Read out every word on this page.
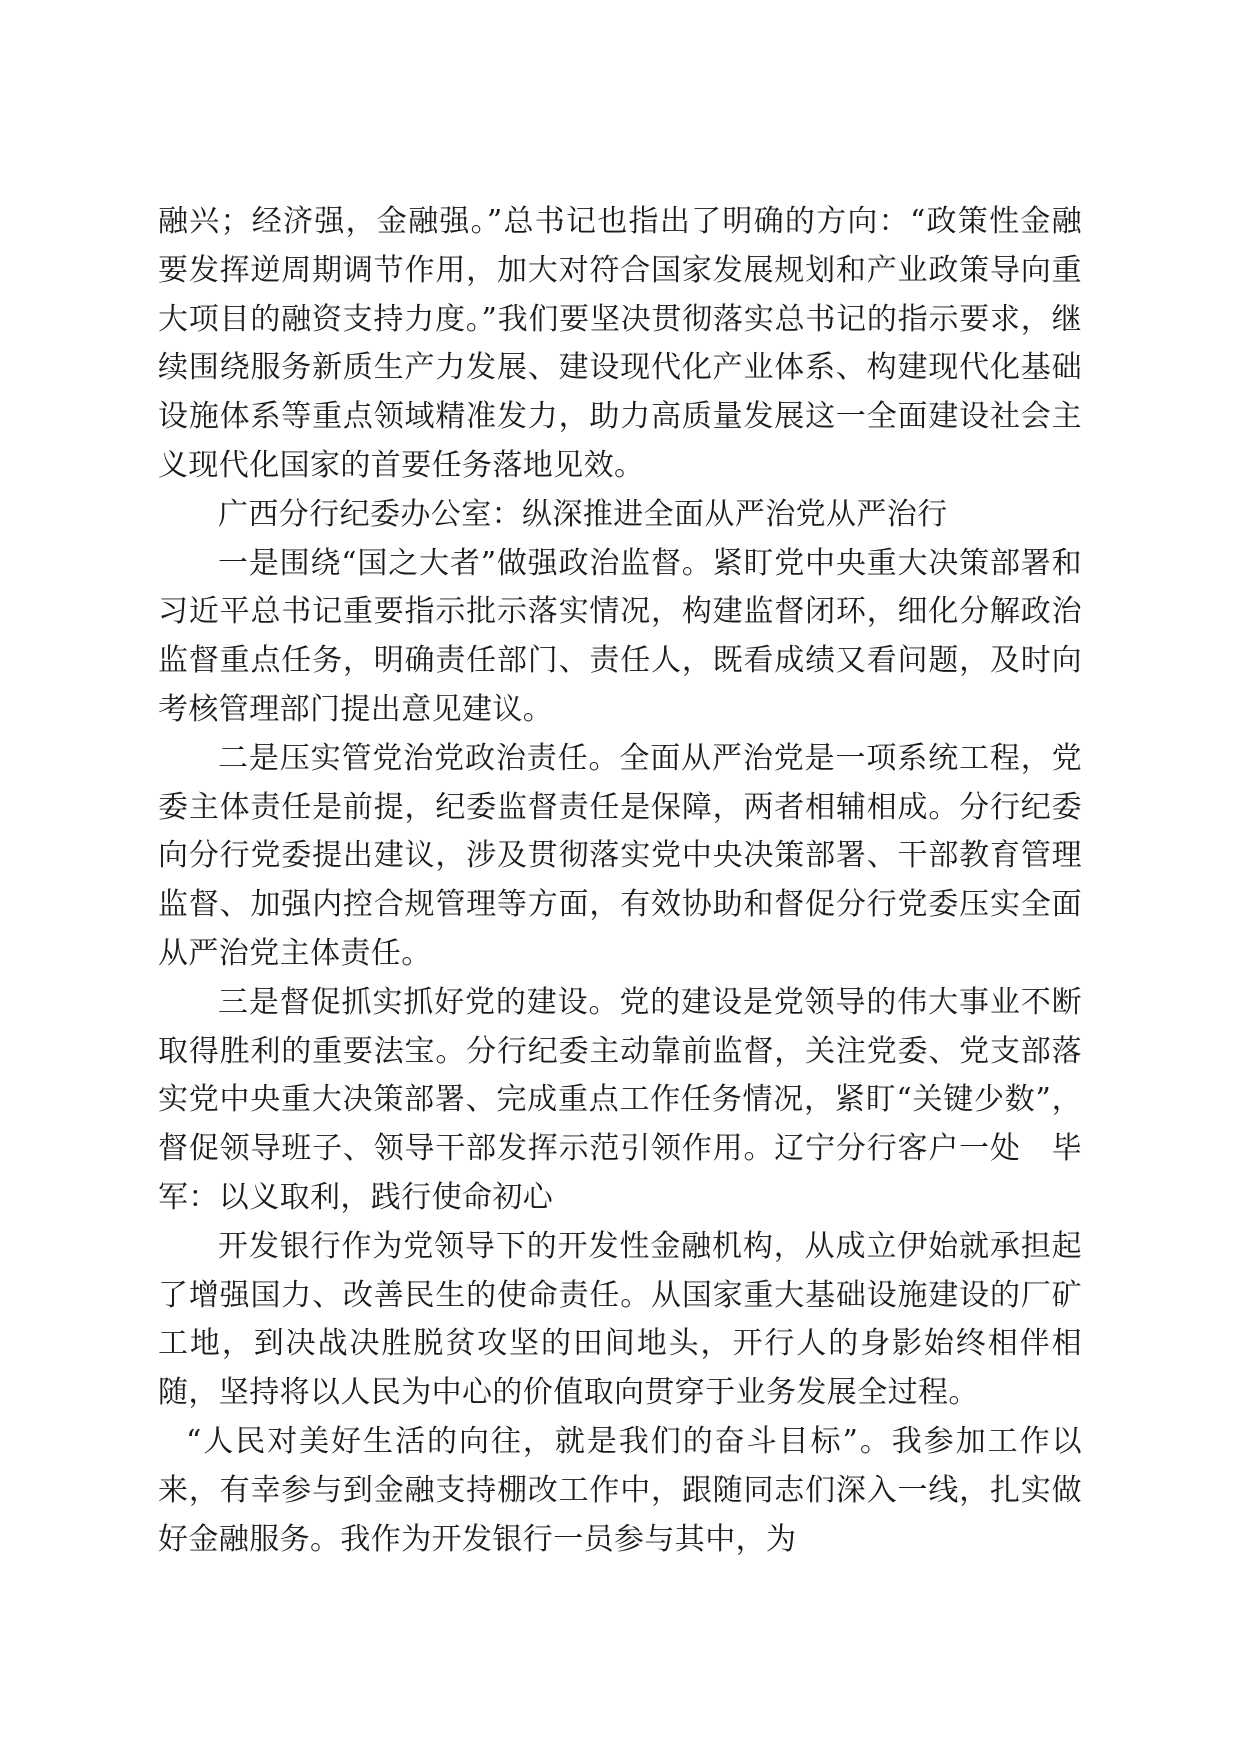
融兴；经济强，金融强。”总书记也指出了明确的方向：“政策性金融要发挥逆周期调节作用，加大对符合国家发展规划和产业政策导向重大项目的融资支持力度。”我们要坚决贯彻落实总书记的指示要求，继续围绕服务新质生产力发展、建设现代化产业体系、构建现代化基础设施体系等重点领域精准发力，助力高质量发展这一全面建设社会主义现代化国家的首要任务落地见效。

广西分行纪委办公室：纵深推进全面从严治党从严治行

一是围绕“国之大者”做强政治监督。紧盯党中央重大决策部署和习近平总书记重要指示批示落实情况，构建监督闭环，细化分解政治监督重点任务，明确责任部门、责任人，既看成绩又看问题，及时向考核管理部门提出意见建议。

二是压实管党治党政治责任。全面从严治党是一项系统工程，党委主体责任是前提，纪委监督责任是保障，两者相辅相成。分行纪委向分行党委提出建议，涉及贯彻落实党中央决策部署、干部教育管理监督、加强内控合规管理等方面，有效协助和督促分行党委压实全面从严治党主体责任。

三是督促抓实抓好党的建设。党的建设是党领导的伟大事业不断取得胜利的重要法宝。分行纪委主动靠前监督，关注党委、党支部落实党中央重大决策部署、完成重点工作任务情况，紧盯“关键少数”，督促领导班子、领导干部发挥示范引领作用。辽宁分行客户一处　毕军：以义取利，践行使命初心

开发银行作为党领导下的开发性金融机构，从成立伊始就承担起了增强国力、改善民生的使命责任。从国家重大基础设施建设的厂矿工地，到决战决胜脱贫攻坚的田间地头，开行人的身影始终相伴相随，坚持将以人民为中心的价值取向贯穿于业务发展全过程。

“人民对美好生活的向往，就是我们的奋斗目标”。我参加工作以来，有幸参与到金融支持棚改工作中，跟随同志们深入一线，扎实做好金融服务。我作为开发银行一员参与其中，为
